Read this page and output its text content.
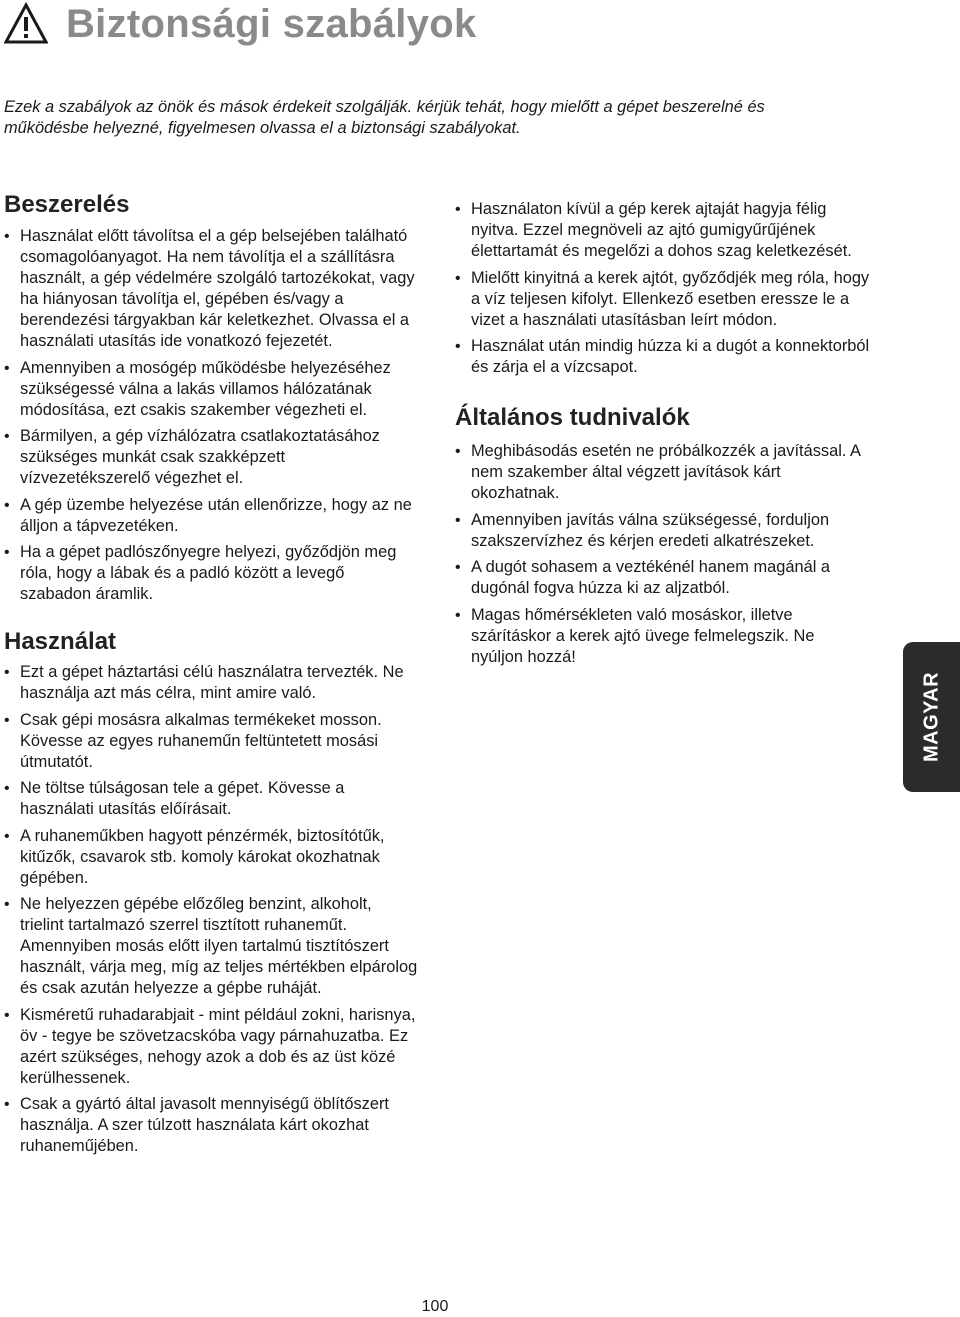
Biztonsági szabályok
Ezek a szabályok az önök és mások érdekeit szolgálják. kérjük tehát, hogy mielőtt a gépet beszerelné és működésbe helyezné, figyelmesen olvassa el a biztonsági szabályokat.
Beszerelés
• Használat előtt távolítsa el a gép belsejében található csomagolóanyagot. Ha nem távolítja el a szállításra használt, a gép védelmére szolgáló tartozékokat, vagy ha hiányosan távolítja el, gépében és/vagy a berendezési tárgyakban kár keletkezhet. Olvassa el a használati utasítás ide vonatkozó fejezetét.
• Amennyiben a mosógép működésbe helyezéséhez szükségessé válna a lakás villamos hálózatának módosítása, ezt csakis szakember végezheti el.
• Bármilyen, a gép vízhálózatra csatlakoztatásához szükséges munkát csak szakképzett vízvezetékszerelő végezhet el.
• A gép üzembe helyezése után ellenőrizze, hogy az ne álljon a tápvezetéken.
• Ha a gépet padlószőnyegre helyezi, győződjön meg róla, hogy a lábak és a padló között a levegő szabadon áramlik.
Használat
• Ezt a gépet háztartási célú használatra tervezték. Ne használja azt más célra, mint amire való.
• Csak gépi mosásra alkalmas termékeket mosson. Kövesse az egyes ruhaneműn feltüntetett mosási útmutatót.
• Ne töltse túlságosan tele a gépet. Kövesse a használati utasítás előírásait.
• A ruhaneműkben hagyott pénzérmék, biztosítótűk, kitűzők, csavarok stb. komoly károkat okozhatnak gépében.
• Ne helyezzen gépébe előzőleg benzint, alkoholt, trielint tartalmazó szerrel tisztított ruhaneműt. Amennyiben mosás előtt ilyen tartalmú tisztítószert használt, várja meg, míg az teljes mértékben elpárolog és csak azután helyezze a gépbe ruháját.
• Kisméretű ruhadarabjait - mint például zokni, harisnya, öv - tegye be szövetzacskóba vagy párnahuzatba. Ez azért szükséges, nehogy azok a dob és az üst közé kerülhessenek.
• Csak a gyártó által javasolt mennyiségű öblítőszert használja. A szer túlzott használata kárt okozhat ruhaneműjében.
• Használaton kívül a gép kerek ajtaját hagyja félig nyitva. Ezzel megnöveli az ajtó gumigyűrűjének élettartamát és megelőzi a dohos szag keletkezését.
• Mielőtt kinyitná a kerek ajtót, győződjék meg róla, hogy a víz teljesen kifolyt. Ellenkező esetben eressze le a vizet a használati utasításban leírt módon.
• Használat után mindig húzza ki a dugót a konnektorból és zárja el a vízcsapot.
Általános tudnivalók
• Meghibásodás esetén ne próbálkozzék a javítással. A nem szakember által végzett javítások kárt okozhatnak.
• Amennyiben javítás válna szükségessé, forduljon szakszervízhez és kérjen eredeti alkatrészeket.
• A dugót sohasem a veztékénél hanem magánál a dugónál fogva húzza ki az aljzatból.
• Magas hőmérsékleten való mosáskor, illetve szárításkor a kerek ajtó üvege felmelegszik. Ne nyúljon hozzá!
MAGYAR
100
